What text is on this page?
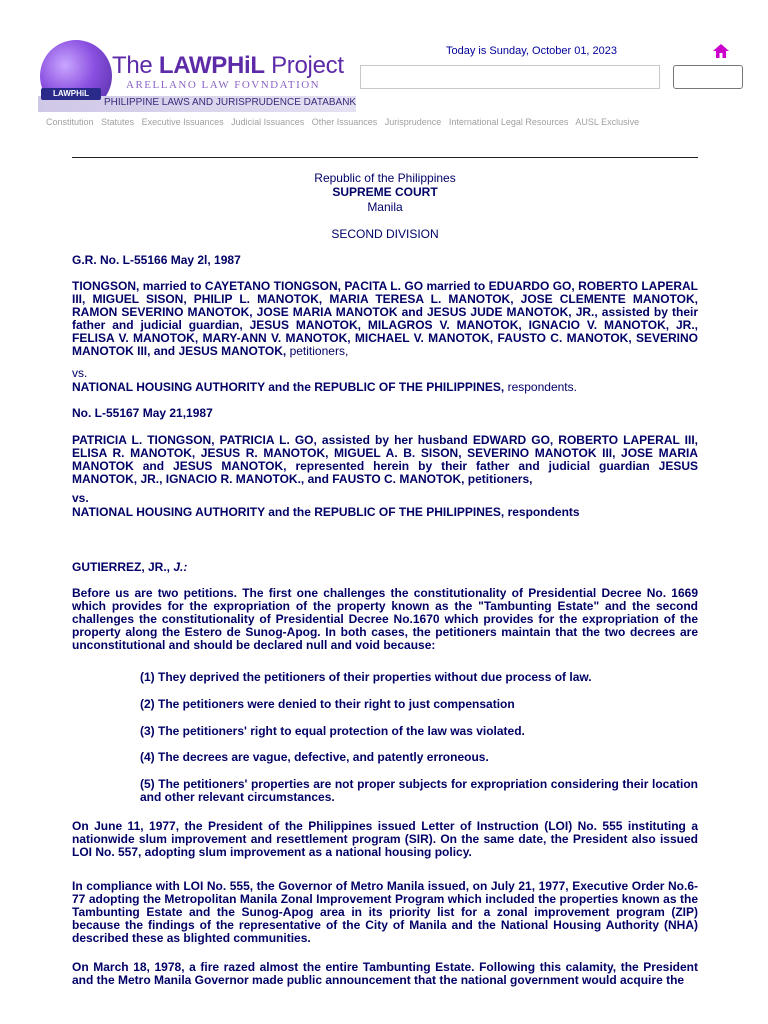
LAWPHiL
The LAWPHiL Project
ARELLANO LAW FOVNDATION
PHILIPPINE LAWS AND JURISPRUDENCE DATABANK
Today is Sunday, October 01, 2023
Constitution Statutes Executive Issuances Judicial Issuances Other Issuances Jurisprudence International Legal Resources AUSL Exclusive
Republic of the Philippines
SUPREME COURT
Manila
SECOND DIVISION
G.R. No. L-55166 May 2l, 1987
TIONGSON, married to CAYETANO TIONGSON, PACITA L. GO married to EDUARDO GO, ROBERTO LAPERAL III, MIGUEL SISON, PHILIP L. MANOTOK, MARIA TERESA L. MANOTOK, JOSE CLEMENTE MANOTOK, RAMON SEVERINO MANOTOK, JOSE MARIA MANOTOK and JESUS JUDE MANOTOK, JR., assisted by their father and judicial guardian, JESUS MANOTOK, MILAGROS V. MANOTOK, IGNACIO V. MANOTOK, JR., FELISA V. MANOTOK, MARY-ANN V. MANOTOK, MICHAEL V. MANOTOK, FAUSTO C. MANOTOK, SEVERINO MANOTOK III, and JESUS MANOTOK, petitioners,
vs.
NATIONAL HOUSING AUTHORITY and the REPUBLIC OF THE PHILIPPINES, respondents.
No. L-55167 May 21,1987
PATRICIA L. TIONGSON, PATRICIA L. GO, assisted by her husband EDWARD GO, ROBERTO LAPERAL III, ELISA R. MANOTOK, JESUS R. MANOTOK, MIGUEL A. B. SISON, SEVERINO MANOTOK III, JOSE MARIA MANOTOK and JESUS MANOTOK, represented herein by their father and judicial guardian JESUS MANOTOK, JR., IGNACIO R. MANOTOK., and FAUSTO C. MANOTOK, petitioners,
vs.
NATIONAL HOUSING AUTHORITY and the REPUBLIC OF THE PHILIPPINES, respondents
GUTIERREZ, JR., J.:
Before us are two petitions. The first one challenges the constitutionality of Presidential Decree No. 1669 which provides for the expropriation of the property known as the "Tambunting Estate" and the second challenges the constitutionality of Presidential Decree No.1670 which provides for the expropriation of the property along the Estero de Sunog-Apog. In both cases, the petitioners maintain that the two decrees are unconstitutional and should be declared null and void because:
(1) They deprived the petitioners of their properties without due process of law.
(2) The petitioners were denied to their right to just compensation
(3) The petitioners' right to equal protection of the law was violated.
(4) The decrees are vague, defective, and patently erroneous.
(5) The petitioners' properties are not proper subjects for expropriation considering their location and other relevant circumstances.
On June 11, 1977, the President of the Philippines issued Letter of Instruction (LOI) No. 555 instituting a nationwide slum improvement and resettlement program (SIR). On the same date, the President also issued LOI No. 557, adopting slum improvement as a national housing policy.
In compliance with LOI No. 555, the Governor of Metro Manila issued, on July 21, 1977, Executive Order No.6-77 adopting the Metropolitan Manila Zonal Improvement Program which included the properties known as the Tambunting Estate and the Sunog-Apog area in its priority list for a zonal improvement program (ZIP) because the findings of the representative of the City of Manila and the National Housing Authority (NHA) described these as blighted communities.
On March 18, 1978, a fire razed almost the entire Tambunting Estate. Following this calamity, the President and the Metro Manila Governor made public announcement that the national government would acquire the
